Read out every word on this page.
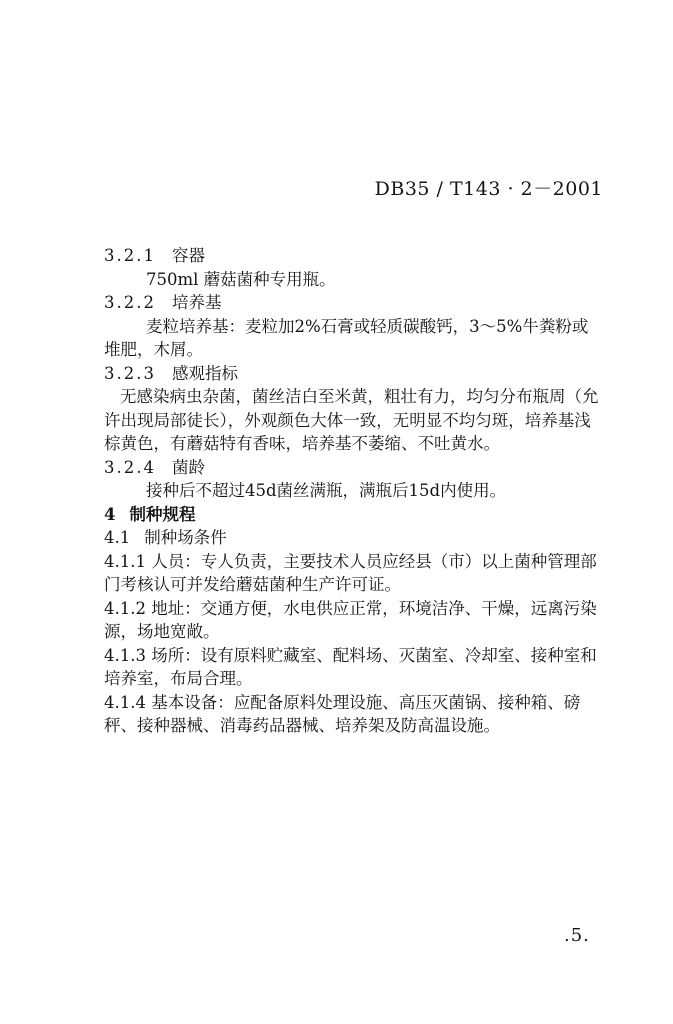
DB35 / T143 · 2－2001
3.2.1 容器
750ml 蘑菇菌种专用瓶。
3.2.2 培养基
麦粒培养基：麦粒加2%石膏或轻质碳酸钙，3～5%牛粪粉或堆肥，木屑。
3.2.3 感观指标
无感染病虫杂菌，菌丝洁白至米黄，粗壮有力，均匀分布瓶周（允许出现局部徒长），外观颜色大体一致，无明显不均匀斑，培养基浅棕黄色，有蘑菇特有香味，培养基不萎缩、不吐黄水。
3.2.4 菌龄
接种后不超过45d菌丝满瓶，满瓶后15d内使用。
4 制种规程
4.1 制种场条件
4.1.1 人员：专人负责，主要技术人员应经县（市）以上菌种管理部门考核认可并发给蘑菇菌种生产许可证。
4.1.2 地址：交通方便，水电供应正常，环境洁净、干燥，远离污染源，场地宽敞。
4.1.3 场所：设有原料贮藏室、配料场、灭菌室、冷却室、接种室和培养室，布局合理。
4.1.4 基本设备：应配备原料处理设施、高压灭菌锅、接种箱、磅秤、接种器械、消毒药品器械、培养架及防高温设施。
.5.
